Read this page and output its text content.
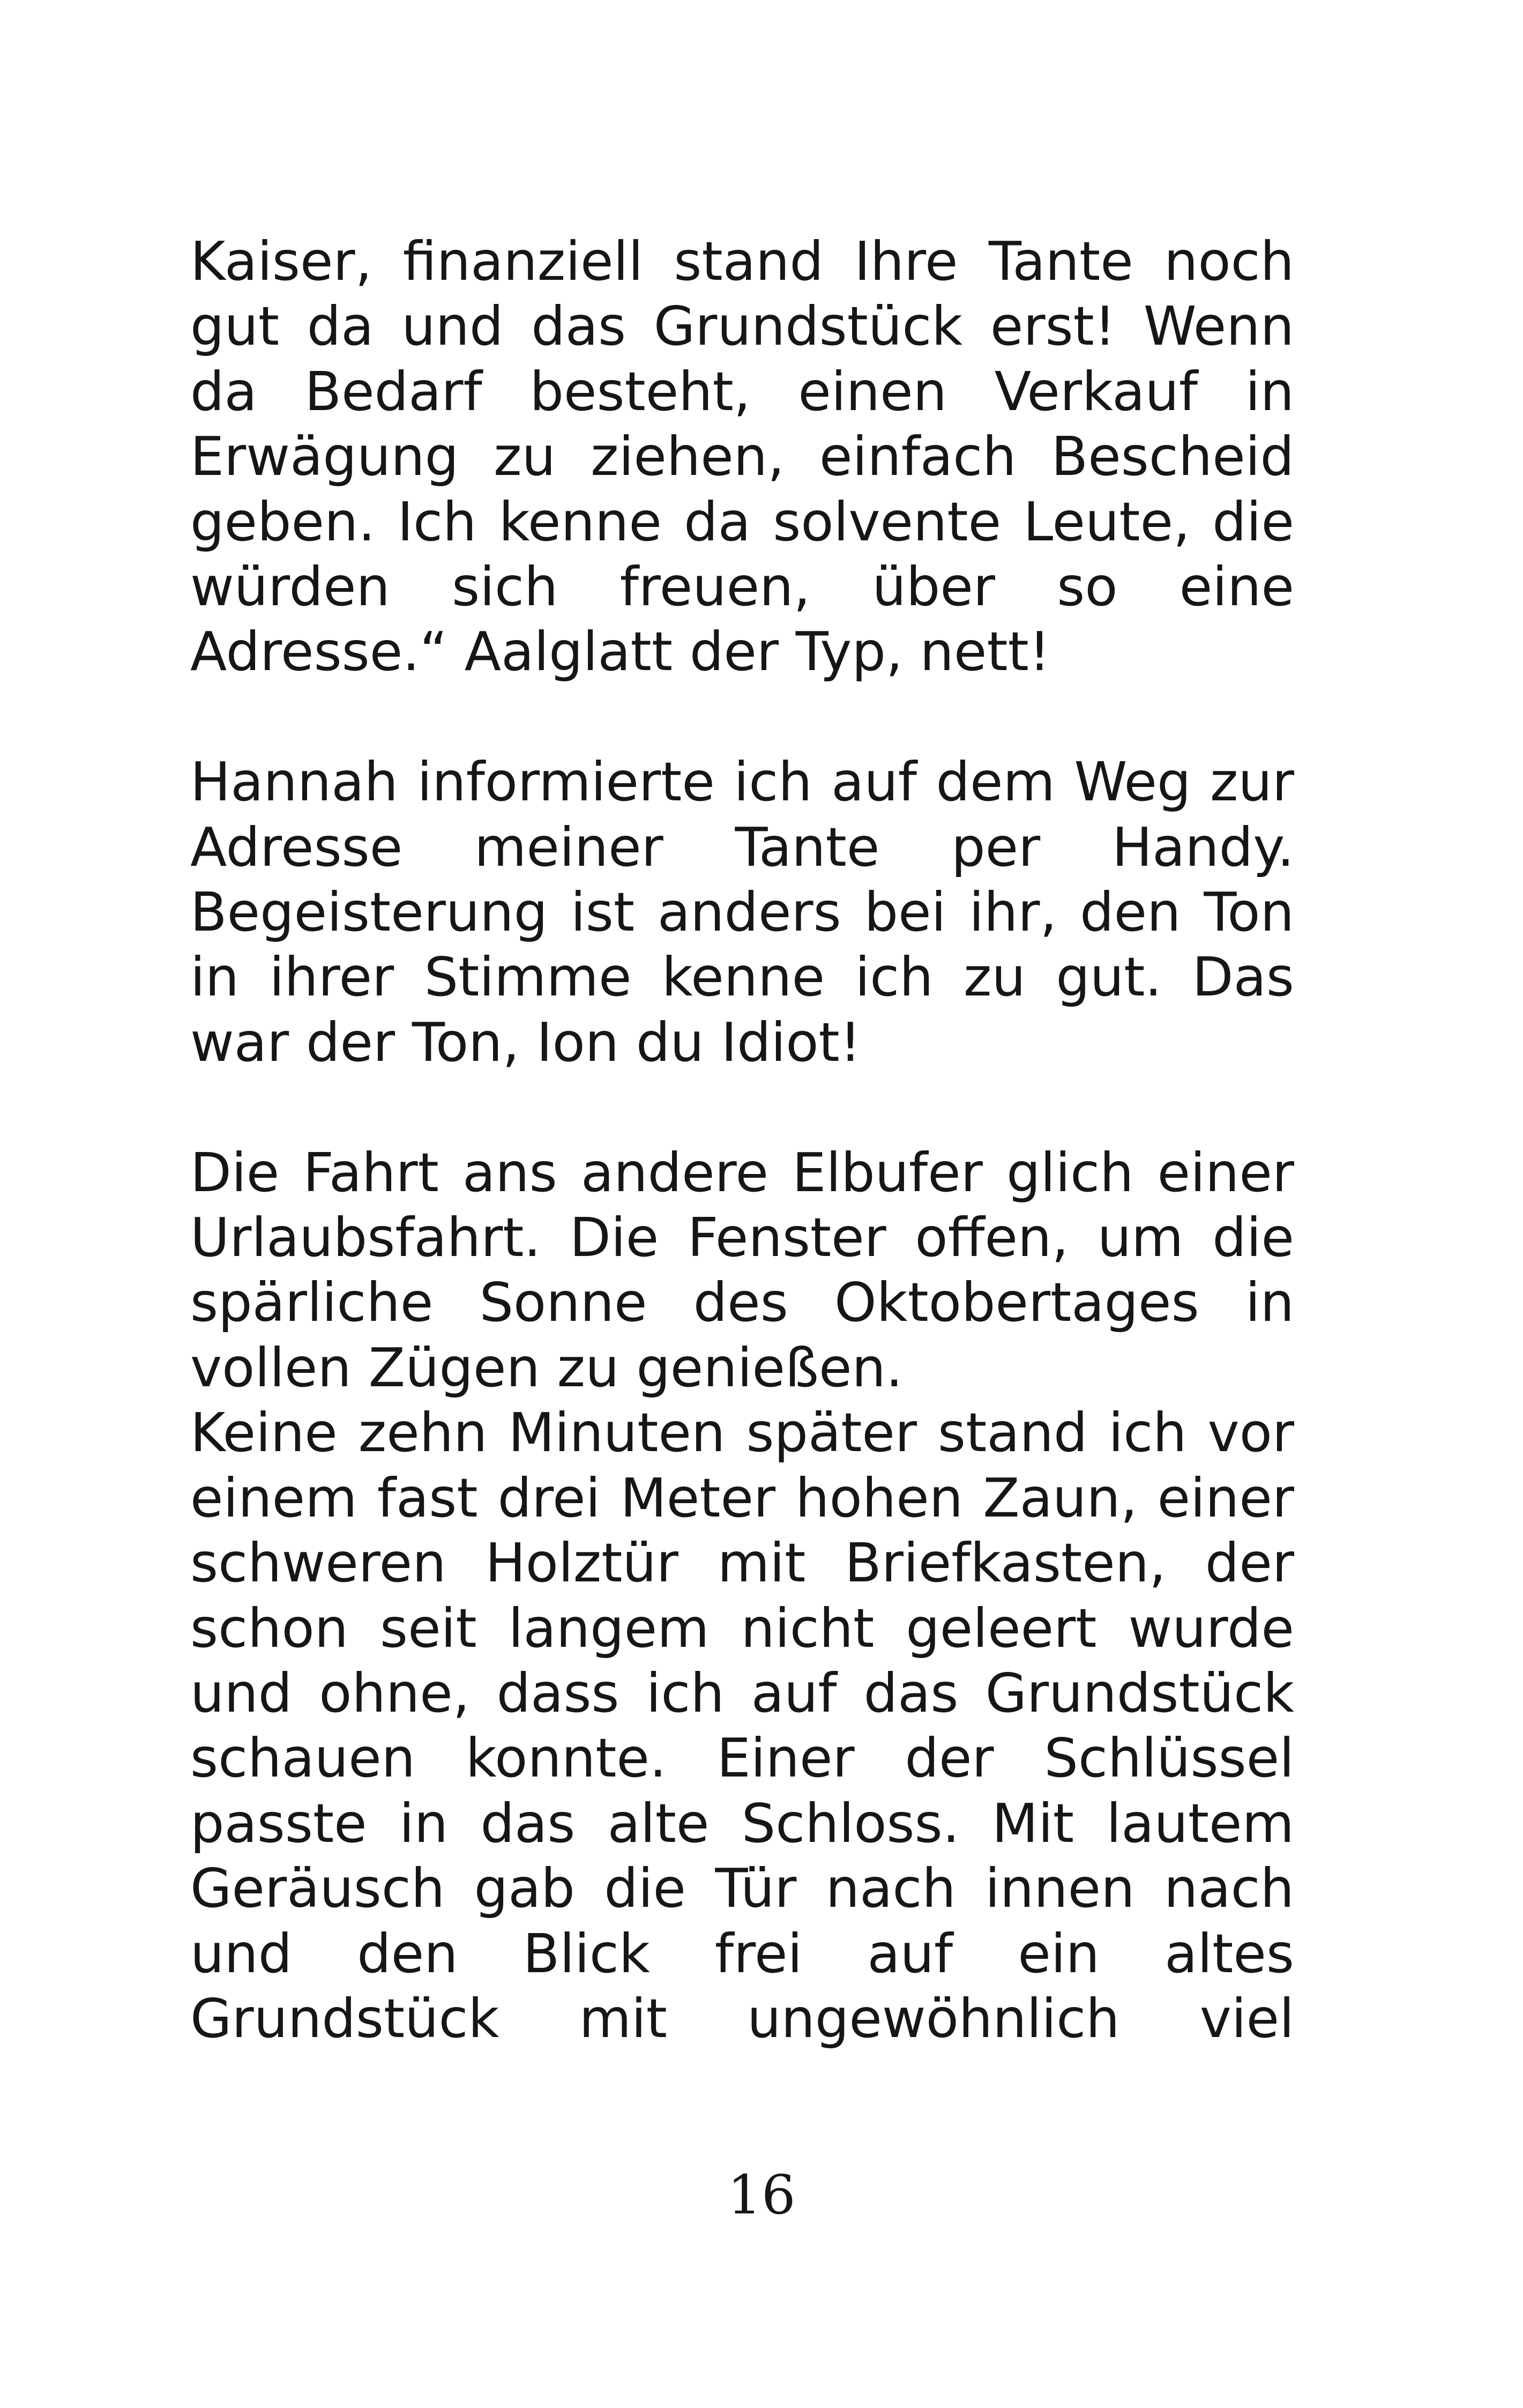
Kaiser, finanziell stand Ihre Tante noch gut da und das Grundstück erst! Wenn da Bedarf besteht, einen Verkauf in Erwägung zu ziehen, einfach Bescheid geben. Ich kenne da solvente Leute, die würden sich freuen, über so eine Adresse.“ Aalglatt der Typ, nett!

Hannah informierte ich auf dem Weg zur Adresse meiner Tante per Handy. Begeisterung ist anders bei ihr, den Ton in ihrer Stimme kenne ich zu gut. Das war der Ton, Ion du Idiot!

Die Fahrt ans andere Elbufer glich einer Urlaubsfahrt. Die Fenster offen, um die spärliche Sonne des Oktobertages in vollen Zügen zu genießen.

Keine zehn Minuten später stand ich vor einem fast drei Meter hohen Zaun, einer schweren Holztür mit Briefkasten, der schon seit langem nicht geleert wurde und ohne, dass ich auf das Grundstück schauen konnte. Einer der Schlüssel passte in das alte Schloss. Mit lautem Geräusch gab die Tür nach innen nach und den Blick frei auf ein altes Grundstück mit ungewöhnlich viel

16
